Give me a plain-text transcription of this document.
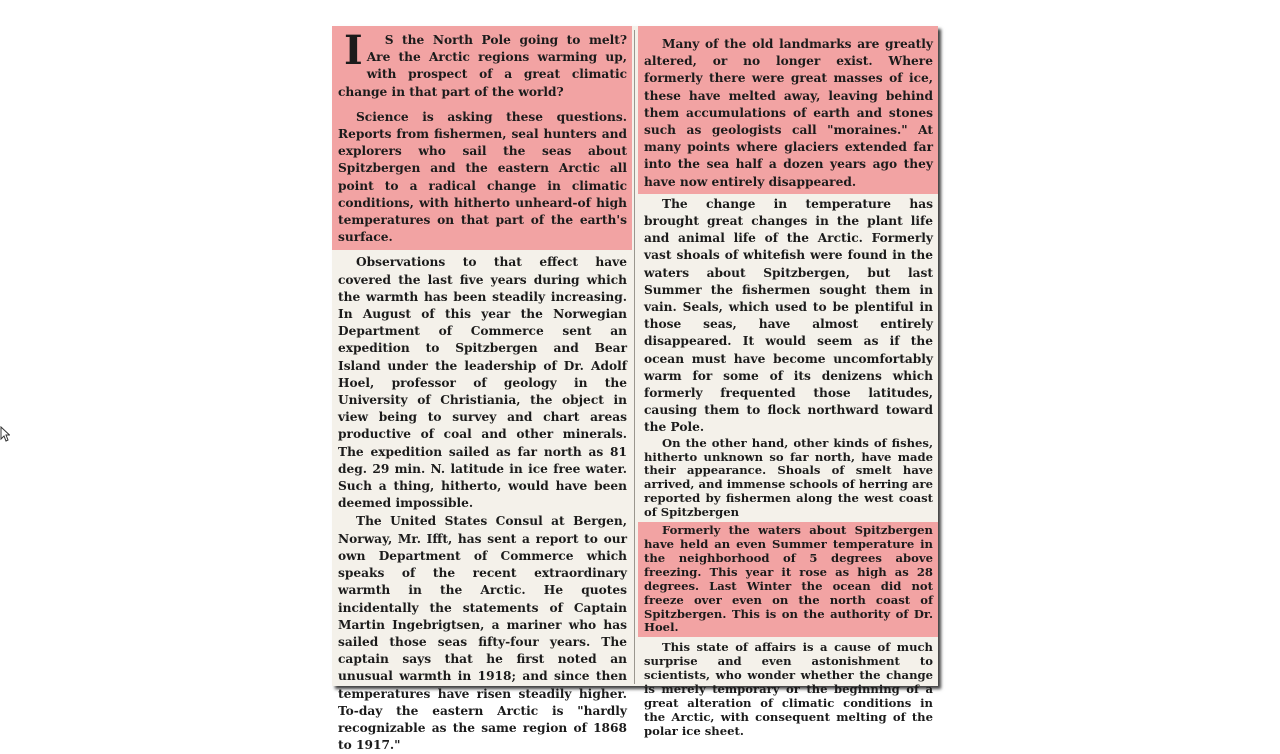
I S the North Pole going to melt? Are the Arctic regions warming up, with prospect of a great climatic change in that part of the world?

Science is asking these questions. Reports from fishermen, seal hunters and explorers who sail the seas about Spitzbergen and the eastern Arctic all point to a radical change in climatic conditions, with hitherto unheard-of high temperatures on that part of the earth's surface.

Observations to that effect have covered the last five years during which the warmth has been steadily increasing. In August of this year the Norwegian Department of Commerce sent an expedition to Spitzbergen and Bear Island under the leadership of Dr. Adolf Hoel, professor of geology in the University of Christiania, the object in view being to survey and chart areas productive of coal and other minerals. The expedition sailed as far north as 81 deg. 29 min. N. latitude in ice free water. Such a thing, hitherto, would have been deemed impossible.

The United States Consul at Bergen, Norway, Mr. Ifft, has sent a report to our own Department of Commerce which speaks of the recent extraordinary warmth in the Arctic. He quotes incidentally the statements of Captain Martin Ingebrigtsen, a mariner who has sailed those seas fifty-four years. The captain says that he first noted an unusual warmth in 1918; and since then temperatures have risen steadily higher. To-day the eastern Arctic is "hardly recognizable as the same region of 1868 to 1917."

Many of the old landmarks are greatly altered, or no longer exist. Where formerly there were great masses of ice, these have melted away, leaving behind them accumulations of earth and stones such as geologists call "moraines." At many points where glaciers extended far into the sea half a dozen years ago they have now entirely disappeared.

The change in temperature has brought great changes in the plant life and animal life of the Arctic. Formerly vast shoals of whitefish were found in the waters about Spitzbergen, but last Summer the fishermen sought them in vain. Seals, which used to be plentiful in those seas, have almost entirely disappeared. It would seem as if the ocean must have become uncomfortably warm for some of its denizens which formerly frequented those latitudes, causing them to flock northward toward the Pole.

On the other hand, other kinds of fishes, hitherto unknown so far north, have made their appearance. Shoals of smelt have arrived, and immense schools of herring are reported by fishermen along the west coast of Spitzbergen

Formerly the waters about Spitzbergen have held an even Summer temperature in the neighborhood of 5 degrees above freezing. This year it rose as high as 28 degrees. Last Winter the ocean did not freeze over even on the north coast of Spitzbergen. This is on the authority of Dr. Hoel.

This state of affairs is a cause of much surprise and even astonishment to scientists, who wonder whether the change is merely temporary or the beginning of a great alteration of climatic conditions in the Arctic, with consequent melting of the polar ice sheet.
